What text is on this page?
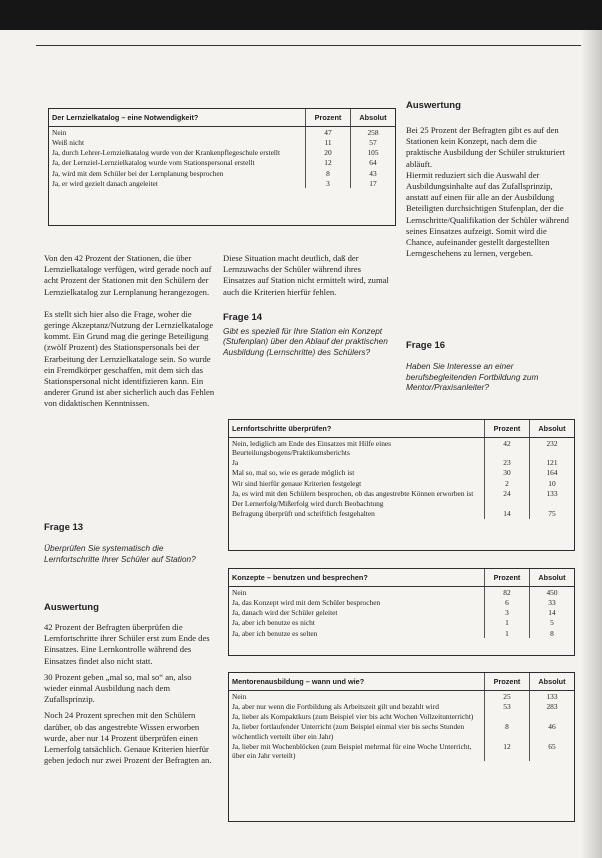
Der Lernzielkatalog – eine Notwendigkeit?	Prozent	Absolut
Nein	47	258
Weiß nicht	11	57
Ja, durch Lehrer-Lernzielkatalog wurde von der Krankenpflegeschule erstellt	20	105
Ja, der Lernziel-Lernzielkatalog wurde vom Stationspersonal erstellt	12	64
Ja, wird mit dem Schüler bei der Lernplanung besprochen	8	43
Ja, er wird gezielt danach angeleitet	3	17
Auswertung

Bei 25 Prozent der Befragten gibt es auf den Stationen kein Konzept, nach dem die praktische Ausbildung der Schüler strukturiert abläuft.

Hiermit reduziert sich die Auswahl der Ausbildungsinhalte auf das Zufallsprinzip, anstatt auf einen für alle an der Ausbildung Beteiligten durchsichtigen Stufenplan, der die Lernschritte/Qualifikation der Schüler während seines Einsatzes aufzeigt. Somit wird die Chance, aufeinander gestellt dargestellten Lerngeschehens zu lernen, vergeben.

Von den 42 Prozent der Stationen, die über Lernzielkataloge verfügen, wird gerade noch auf acht Prozent der Stationen mit den Schülern der Lernzielkatalog zur Lernplanung herangezogen.

Es stellt sich hier also die Frage, woher die geringe Akzeptanz/Nutzung der Lernzielkataloge kommt. Ein Grund mag die geringe Beteiligung (zwölf Prozent) des Stationspersonals bei der Erarbeitung der Lernzielkataloge sein. So wurde ein Fremdkörper geschaffen, mit dem sich das Stationspersonal nicht identifizieren kann. Ein anderer Grund ist aber sicherlich auch das Fehlen von didaktischen Kenntnissen.

Diese Situation macht deutlich, daß der Lernzuwachs der Schüler während ihres Einsatzes auf Station nicht ermittelt wird, zumal auch die Kriterien hierfür fehlen.

Frage 14
Gibt es speziell für Ihre Station ein Konzept (Stufenplan) über den Ablauf der praktischen Ausbildung (Lernschritte) des Schülers?
Frage 16
Haben Sie Interesse an einer berufsbegleitenden Fortbildung zum Mentor/Praxisanleiter?
Frage 13
Überprüfen Sie systematisch die Lernfortschritte Ihrer Schüler auf Station?
Auswertung

42 Prozent der Befragten überprüfen die Lernfortschritte ihrer Schüler erst zum Ende des Einsatzes. Eine Lernkontrolle während des Einsatzes findet also nicht statt.

30 Prozent geben „mal so, mal so“ an, also wieder einmal Ausbildung nach dem Zufallsprinzip.

Noch 24 Prozent sprechen mit den Schülern darüber, ob das angestrebte Wissen erworben wurde, aber nur 14 Prozent überprüfen einen Lernerfolg tatsächlich. Genaue Kriterien hierfür geben jedoch nur zwei Prozent der Befragten an.

Lernfortschritte überprüfen?	Prozent	Absolut
Nein, lediglich am Ende des Einsatzes mit Hilfe eines Beurteilungsbogens/Praktikumsberichts	42	232
Ja	23	121
Mal so, mal so, wie es gerade möglich ist	30	164
Wir sind hierfür genaue Kriterien festgelegt	2	10
Ja, es wird mit den Schülern besprochen, ob das angestrebte Können erworben ist	24	133
Der Lernerfolg/Mißerfolg wird durch Beobachtung		
Befragung überprüft und schriftlich festgehalten	14	75
Konzepte – benutzen und besprechen?	Prozent	Absolut
Nein	82	450
Ja, das Konzept wird mit dem Schüler besprochen	6	33
Ja, danach wird der Schüler geleitet	3	14
Ja, aber ich benutze es nicht	1	5
Ja, aber ich benutze es selten	1	8
Mentorenausbildung – wann und wie?	Prozent	Absolut
Nein	25	133
Ja, aber nur wenn die Fortbildung als Arbeitszeit gilt und bezahlt wird	53	283
Ja, lieber als Kompaktkurs (zum Beispiel vier bis acht Wochen Vollzeitunterricht)		
Ja, lieber fortlaufender Unterricht (zum Beispiel einmal vier bis sechs Stunden wöchentlich verteilt über ein Jahr)	8	46
Ja, lieber mit Wochenblöcken (zum Beispiel mehrmal für eine Woche Unterricht, über ein Jahr verteilt)	12	65
